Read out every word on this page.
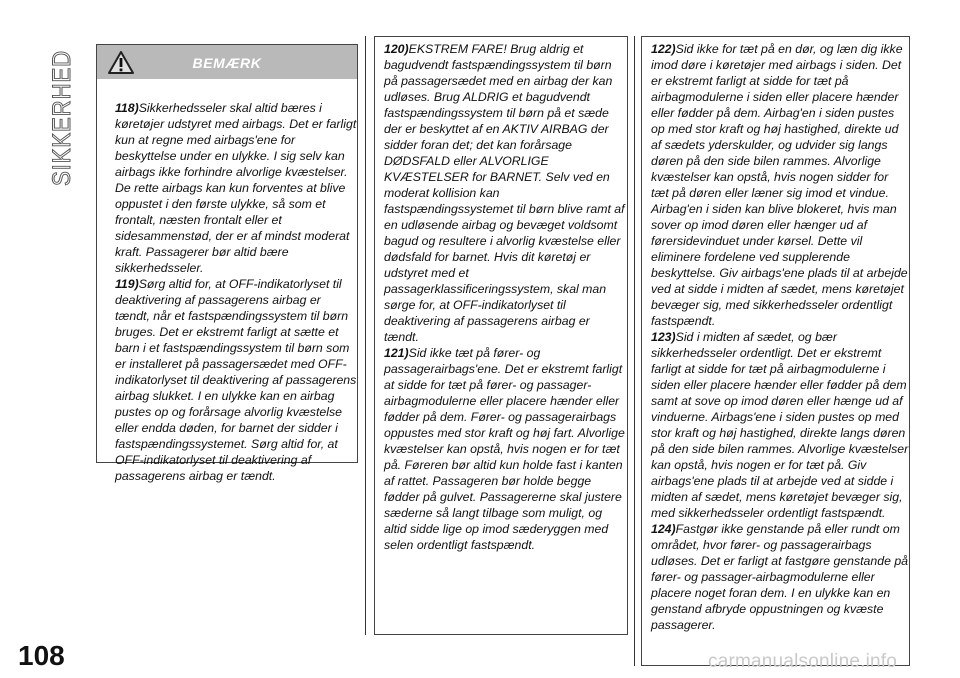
SIKKERHED	BEMÆRK

118)Sikkerhedsseler skal altid bæres i køretøjer udstyret med airbags. Det er farligt kun at regne med airbags'ene for beskyttelse under en ulykke. I sig selv kan airbags ikke forhindre alvorlige kvæstelser. De rette airbags kan kun forventes at blive oppustet i den første ulykke, så som et frontalt, næsten frontalt eller et sidesammenstød, der er af mindst moderat kraft. Passagerer bør altid bære sikkerhedsseler.

119)Sørg altid for, at OFF-indikatorlyset til deaktivering af passagerens airbag er tændt, når et fastspændingssystem til børn bruges. Det er ekstremt farligt at sætte et barn i et fastspændingssystem til børn som er installeret på passagersædet med OFF-indikatorlyset til deaktivering af passagerens airbag slukket. I en ulykke kan en airbag pustes op og forårsage alvorlig kvæstelse eller endda døden, for barnet der sidder i fastspændingssystemet. Sørg altid for, at OFF-indikatorlyset til deaktivering af passagerens airbag er tændt.

120)EKSTREM FARE! Brug aldrig et bagudvendt fastspændingssystem til børn på passagersædet med en airbag der kan udløses. Brug ALDRIG et bagudvendt fastspændingssystem til børn på et sæde der er beskyttet af en AKTIV AIRBAG der sidder foran det; det kan forårsage DØDSFALD eller ALVORLIGE KVÆSTELSER for BARNET. Selv ved en moderat kollision kan fastspændingssystemet til børn blive ramt af en udløsende airbag og bevæget voldsomt bagud og resultere i alvorlig kvæstelse eller dødsfald for barnet. Hvis dit køretøj er udstyret med et passagerklassificeringssystem, skal man sørge for, at OFF-indikatorlyset til deaktivering af passagerens airbag er tændt.

121)Sid ikke tæt på fører- og passagerairbags'ene. Det er ekstremt farligt at sidde for tæt på fører- og passager-airbagmodulerne eller placere hænder eller fødder på dem. Fører- og passagerairbags oppustes med stor kraft og høj fart. Alvorlige kvæstelser kan opstå, hvis nogen er for tæt på. Føreren bør altid kun holde fast i kanten af rattet. Passageren bør holde begge fødder på gulvet. Passagererne skal justere sæderne så langt tilbage som muligt, og altid sidde lige op imod sæderyggen med selen ordentligt fastspændt.

122)Sid ikke for tæt på en dør, og læn dig ikke imod døre i køretøjer med airbags i siden. Det er ekstremt farligt at sidde for tæt på airbagmodulerne i siden eller placere hænder eller fødder på dem. Airbag'en i siden pustes op med stor kraft og høj hastighed, direkte ud af sædets yderskulder, og udvider sig langs døren på den side bilen rammes. Alvorlige kvæstelser kan opstå, hvis nogen sidder for tæt på døren eller læner sig imod et vindue. Airbag'en i siden kan blive blokeret, hvis man sover op imod døren eller hænger ud af førersidevinduet under kørsel. Dette vil eliminere fordelene ved supplerende beskyttelse. Giv airbags'ene plads til at arbejde ved at sidde i midten af sædet, mens køretøjet bevæger sig, med sikkerhedsseler ordentligt fastspændt.

123)Sid i midten af sædet, og bær sikkerhedsseler ordentligt. Det er ekstremt farligt at sidde for tæt på airbagmodulerne i siden eller placere hænder eller fødder på dem samt at sove op imod døren eller hænge ud af vinduerne. Airbags'ene i siden pustes op med stor kraft og høj hastighed, direkte langs døren på den side bilen rammes. Alvorlige kvæstelser kan opstå, hvis nogen er for tæt på. Giv airbags'ene plads til at arbejde ved at sidde i midten af sædet, mens køretøjet bevæger sig, med sikkerhedsseler ordentligt fastspændt.

124)Fastgør ikke genstande på eller rundt om området, hvor fører- og passagerairbags udløses. Det er farligt at fastgøre genstande på fører- og passager-airbagmodulerne eller placere noget foran dem. I en ulykke kan en genstand afbryde oppustningen og kvæste passagerer.

108	carmanualsonline.info
